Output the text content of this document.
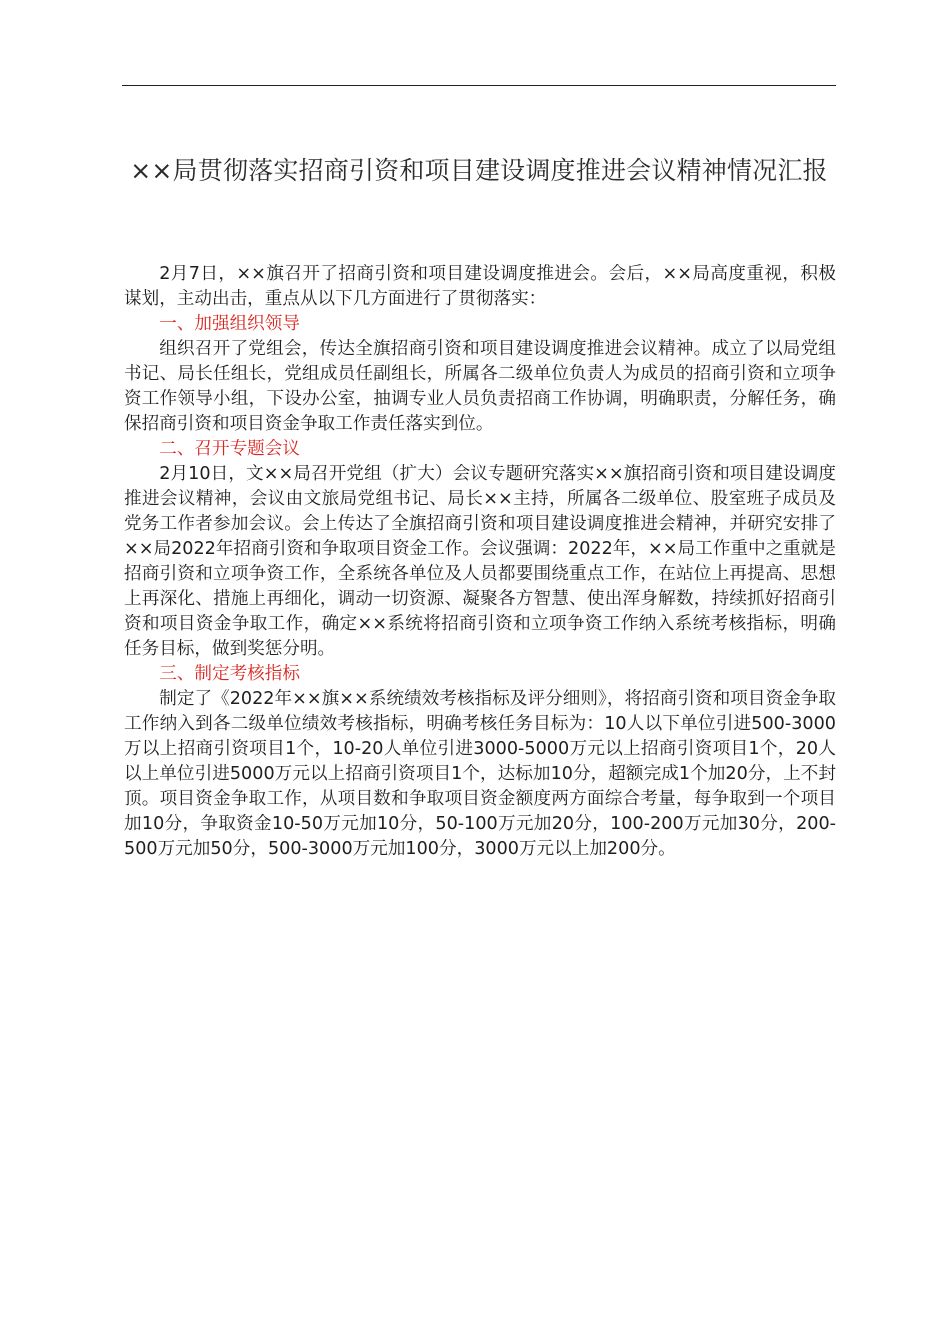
××局贯彻落实招商引资和项目建设调度推进会议精神情况汇报

2月7日，××旗召开了招商引资和项目建设调度推进会。会后，××局高度重视，积极谋划，主动出击，重点从以下几方面进行了贯彻落实：

一、加强组织领导

组织召开了党组会，传达全旗招商引资和项目建设调度推进会议精神。成立了以局党组书记、局长任组长，党组成员任副组长，所属各二级单位负责人为成员的招商引资和立项争资工作领导小组，下设办公室，抽调专业人员负责招商工作协调，明确职责，分解任务，确保招商引资和项目资金争取工作责任落实到位。

二、召开专题会议

2月10日，文××局召开党组（扩大）会议专题研究落实××旗招商引资和项目建设调度推进会议精神，会议由文旅局党组书记、局长××主持，所属各二级单位、股室班子成员及党务工作者参加会议。会上传达了全旗招商引资和项目建设调度推进会精神，并研究安排了××局2022年招商引资和争取项目资金工作。会议强调：2022年，××局工作重中之重就是招商引资和立项争资工作，全系统各单位及人员都要围绕重点工作，在站位上再提高、思想上再深化、措施上再细化，调动一切资源、凝聚各方智慧、使出浑身解数，持续抓好招商引资和项目资金争取工作，确定××系统将招商引资和立项争资工作纳入系统考核指标，明确任务目标，做到奖惩分明。

三、制定考核指标

制定了《2022年××旗××系统绩效考核指标及评分细则》，将招商引资和项目资金争取工作纳入到各二级单位绩效考核指标，明确考核任务目标为：10人以下单位引进500-3000万以上招商引资项目1个，10-20人单位引进3000-5000万元以上招商引资项目1个，20人以上单位引进5000万元以上招商引资项目1个，达标加10分，超额完成1个加20分，上不封顶。项目资金争取工作，从项目数和争取项目资金额度两方面综合考量，每争取到一个项目加10分，争取资金10-50万元加10分，50-100万元加20分，100-200万元加30分，200-500万元加50分，500-3000万元加100分，3000万元以上加200分。
